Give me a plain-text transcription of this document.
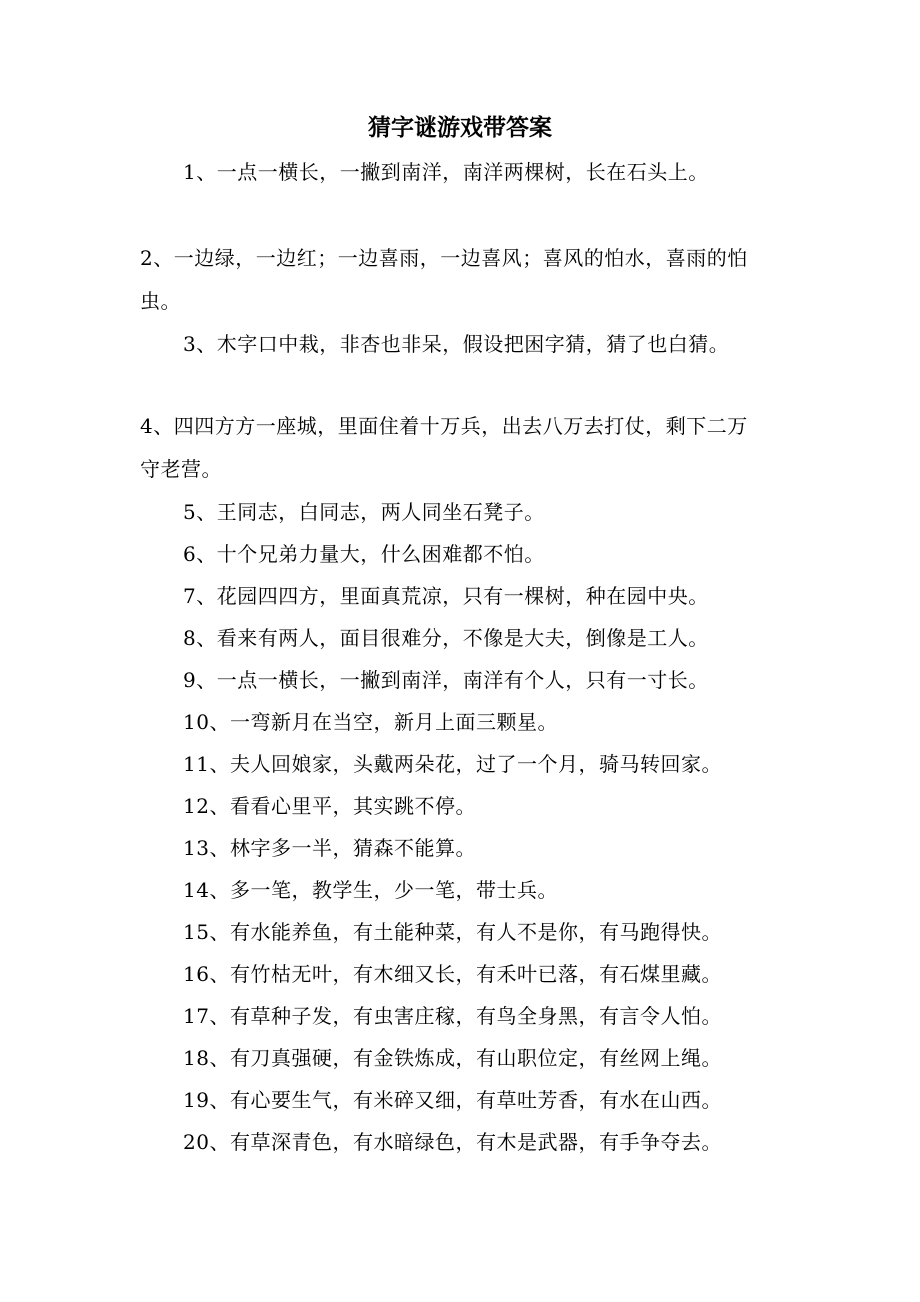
猜字谜游戏带答案
1、一点一横长，一撇到南洋，南洋两棵树，长在石头上。
2、一边绿，一边红；一边喜雨，一边喜风；喜风的怕水，喜雨的怕
虫。
3、木字口中栽，非杏也非呆，假设把困字猜，猜了也白猜。
4、四四方方一座城，里面住着十万兵，出去八万去打仗，剩下二万
守老营。
5、王同志，白同志，两人同坐石凳子。
6、十个兄弟力量大，什么困难都不怕。
7、花园四四方，里面真荒凉，只有一棵树，种在园中央。
8、看来有两人，面目很难分，不像是大夫，倒像是工人。
9、一点一横长，一撇到南洋，南洋有个人，只有一寸长。
10、一弯新月在当空，新月上面三颗星。
11、夫人回娘家，头戴两朵花，过了一个月，骑马转回家。
12、看看心里平，其实跳不停。
13、林字多一半，猜森不能算。
14、多一笔，教学生，少一笔，带士兵。
15、有水能养鱼，有土能种菜，有人不是你，有马跑得快。
16、有竹枯无叶，有木细又长，有禾叶已落，有石煤里藏。
17、有草种子发，有虫害庄稼，有鸟全身黑，有言令人怕。
18、有刀真强硬，有金铁炼成，有山职位定，有丝网上绳。
19、有心要生气，有米碎又细，有草吐芳香，有水在山西。
20、有草深青色，有水暗绿色，有木是武器，有手争夺去。
